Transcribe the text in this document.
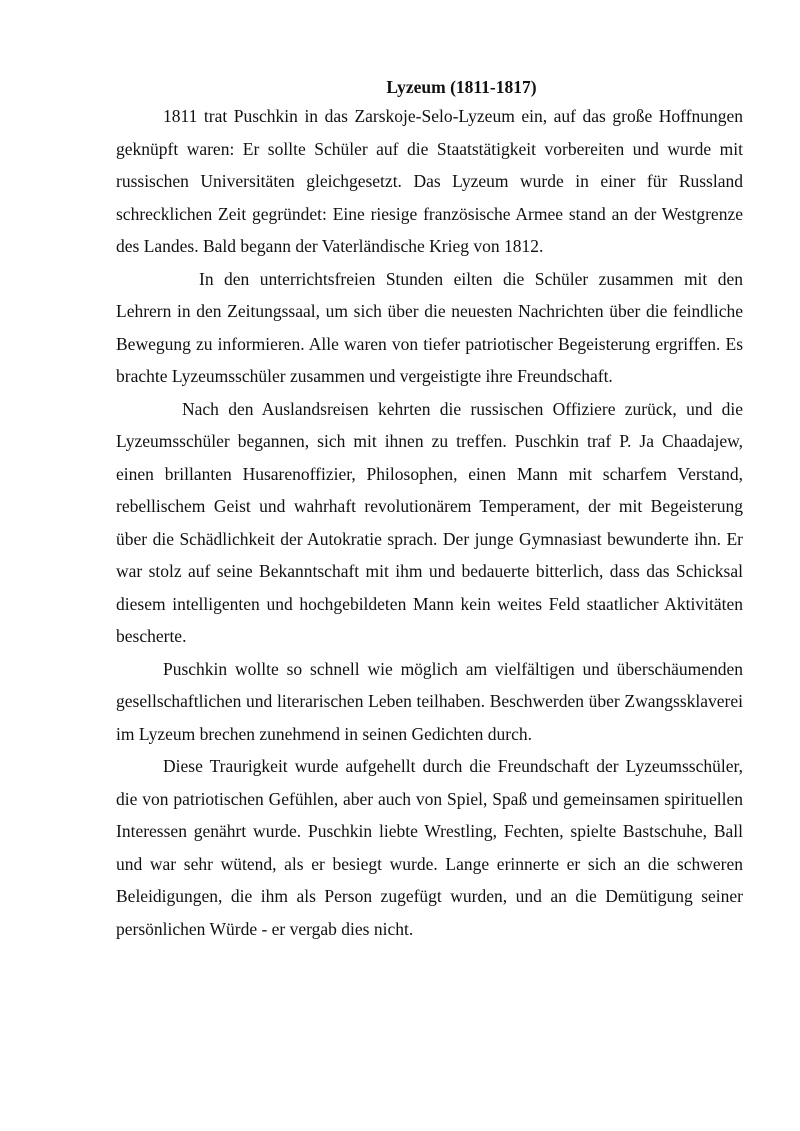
Lyzeum (1811-1817)

1811 trat Puschkin in das Zarskoje-Selo-Lyzeum ein, auf das große Hoffnungen geknüpft waren: Er sollte Schüler auf die Staatstätigkeit vorbereiten und wurde mit russischen Universitäten gleichgesetzt. Das Lyzeum wurde in einer für Russland schrecklichen Zeit gegründet: Eine riesige französische Armee stand an der Westgrenze des Landes. Bald begann der Vaterländische Krieg von 1812.

In den unterrichtsfreien Stunden eilten die Schüler zusammen mit den Lehrern in den Zeitungssaal, um sich über die neuesten Nachrichten über die feindliche Bewegung zu informieren. Alle waren von tiefer patriotischer Begeisterung ergriffen. Es brachte Lyzeumsschüler zusammen und vergeistigte ihre Freundschaft.

Nach den Auslandsreisen kehrten die russischen Offiziere zurück, und die Lyzeumsschüler begannen, sich mit ihnen zu treffen. Puschkin traf P. Ja Chaadajew, einen brillanten Husarenoffizier, Philosophen, einen Mann mit scharfem Verstand, rebellischem Geist und wahrhaft revolutionärem Temperament, der mit Begeisterung über die Schädlichkeit der Autokratie sprach. Der junge Gymnasiast bewunderte ihn. Er war stolz auf seine Bekanntschaft mit ihm und bedauerte bitterlich, dass das Schicksal diesem intelligenten und hochgebildeten Mann kein weites Feld staatlicher Aktivitäten bescherte.

Puschkin wollte so schnell wie möglich am vielfältigen und überschäumenden gesellschaftlichen und literarischen Leben teilhaben. Beschwerden über Zwangssklaverei im Lyzeum brechen zunehmend in seinen Gedichten durch.

Diese Traurigkeit wurde aufgehellt durch die Freundschaft der Lyzeumsschüler, die von patriotischen Gefühlen, aber auch von Spiel, Spaß und gemeinsamen spirituellen Interessen genährt wurde. Puschkin liebte Wrestling, Fechten, spielte Bastschuhe, Ball und war sehr wütend, als er besiegt wurde. Lange erinnerte er sich an die schweren Beleidigungen, die ihm als Person zugefügt wurden, und an die Demütigung seiner persönlichen Würde - er vergab dies nicht.
